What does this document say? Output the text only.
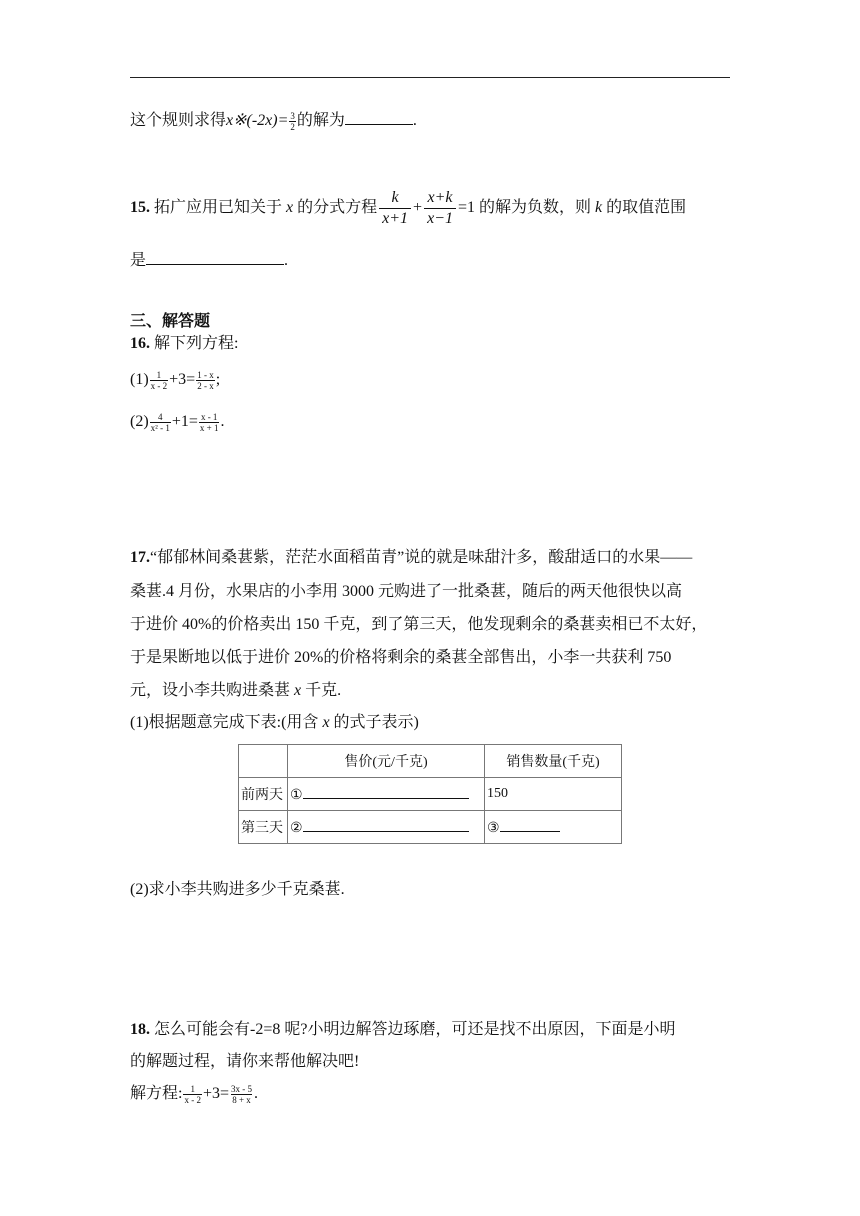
这个规则求得x※(-2x)= $\frac{3}{2}$ 的解为	.
15. 拓广应用已知关于 x 的分式方程 $\frac{k}{x+1} + \frac{x+k}{x-1} =1$ 的解为负数，则 k 的取值范围
是	.
三、解答题
16. 解下列方程:
$(1) \frac{1}{x - 2} +3= \frac{1 - x}{2 - x}$ ;
$(2) \frac{4}{\text{x² - 1}} +1= \frac{x - 1}{x + 1}$ .
17.“郁郁林间桑葚紫，茫茫水面稻苗青”说的就是味甜汁多，酸甜适口的水果——
桑葚.4 月份，水果店的小李用 3000 元购进了一批桑葚，随后的两天他很快以高
于进价 40%的价格卖出 150 千克，到了第三天，他发现剩余的桑葚卖相已不太好，
于是果断地以低于进价 20%的价格将剩余的桑葚全部售出，小李一共获利 750
元，设小李共购进桑葚 x 千克.
(1)根据题意完成下表:(用含 x 的式子表示)
	售价(元/千克)	销售数量(千克)
前两天	①	150
第三天	②	③
(2)求小李共购进多少千克桑葚.
18. 怎么可能会有-2=8 呢?小明边解答边琢磨，可还是找不出原因，下面是小明
的解题过程，请你来帮他解决吧!
解方程: $\frac{1}{x - 2} +3= \frac{3x - 5}{8 + x}$ .
